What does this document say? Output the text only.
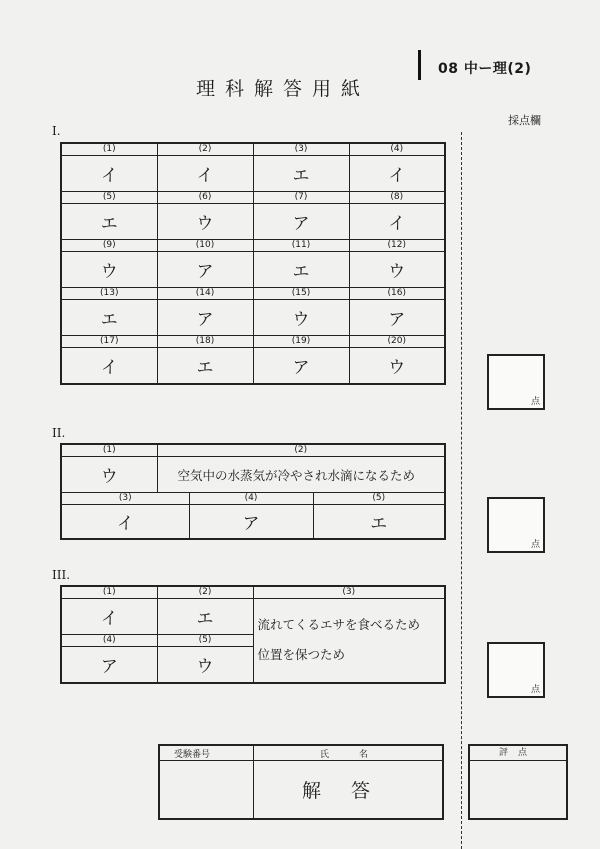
08 中ー理(2)
理科解答用紙
採点欄
I.
(1)	(2)	(3)	(4)
イ	イ	エ	イ
(5)	(6)	(7)	(8)
エ	ウ	ア	イ
(9)	(10)	(11)	(12)
ウ	ア	エ	ウ
(13)	(14)	(15)	(16)
エ	ア	ウ	ア
(17)	(18)	(19)	(20)
イ	エ	ア	ウ
II.
(1)	(2)		
ウ	空気中の水蒸気が冷やされ水滴になるため		
(3)		(4)	(5)
イ		ア	エ
III.
(1)	(2)	(3)
イ	エ	流れてくるエサを食べるため
位置を保つため

(4)	(5)	
ア	ウ	
点
点
点
受験番号	氏名
解答
評点
